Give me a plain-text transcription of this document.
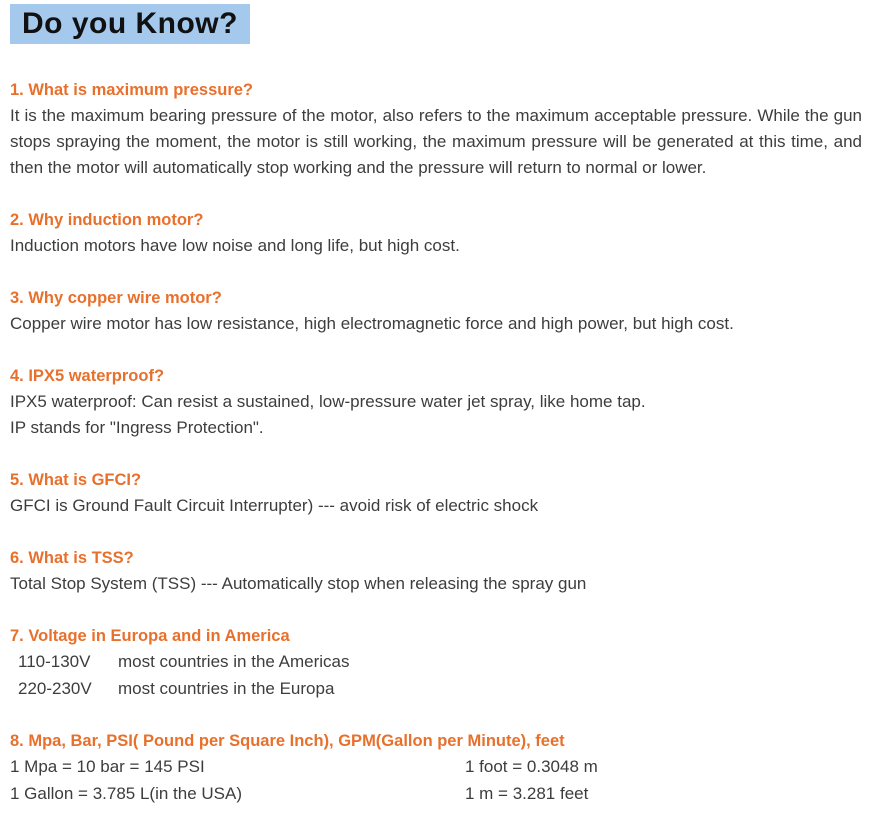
Do you Know?
1. What is maximum pressure?

It is the maximum bearing pressure of the motor, also refers to the maximum acceptable pressure. While the gun stops spraying the moment, the motor is still working, the maximum pressure will be generated at this time, and then the motor will automatically stop working and the pressure will return to normal or lower.

2. Why induction motor?

Induction motors have low noise and long life, but high cost.

3. Why copper wire motor?

Copper wire motor has low resistance, high electromagnetic force and high power, but high cost.

4. IPX5 waterproof?

IPX5 waterproof: Can resist a sustained, low-pressure water jet spray, like home tap.

IP stands for "Ingress Protection".

5. What is GFCI?

GFCI is Ground Fault Circuit Interrupter) --- avoid risk of electric shock

6. What is TSS?

Total Stop System (TSS) --- Automatically stop when releasing the spray gun

7. Voltage in Europa and in America
110-130V most countries in the Americas
220-230V most countries in the Europa
8. Mpa, Bar, PSI( Pound per Square Inch), GPM(Gallon per Minute), feet
1 Mpa = 10 bar = 145 PSI	1 foot = 0.3048 m
1 Gallon = 3.785 L(in the USA)	1 m = 3.281 feet
